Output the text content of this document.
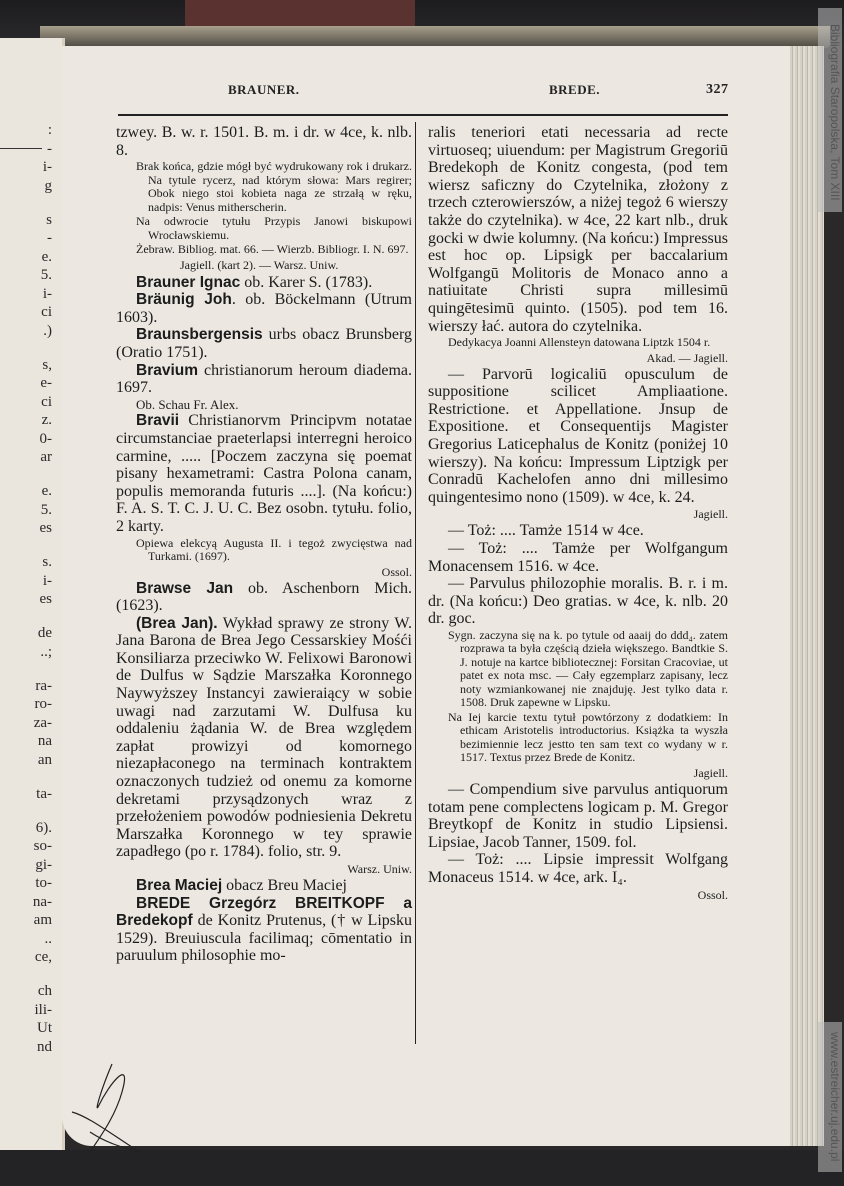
:
-
i-
g
s
-
e.
5.
i-
ci
.)
s,
e-
ci
z.
0-
ar
e.
5.
es
s.
i-
es
de
..;
ra-
ro-
za-
na
an
ta-
6).
so-
gi-
to-
na-
am
..
ce,
ch
ili-
Ut
nd
Bibliografia Staropolska, Tom XIII
www.estreicher.uj.edu.pl
BRAUNER.	BREDE.	327

tzwey. B. w. r. 1501. B. m. i dr. w 4ce, k. nlb. 8.

Brak końca, gdzie mógł być wydrukowany rok i drukarz. Na tytule rycerz, nad którym słowa: Mars regirer; Obok niego stoi kobieta naga ze strzałą w ręku, nadpis: Venus mitherscherin.

Na odwrocie tytułu Przypis Janowi biskupowi Wrocławskiemu.

Żebraw. Bibliog. mat. 66. — Wierzb. Bibliogr. I. N. 697.

Jagiell. (kart 2). — Warsz. Uniw.

Brauner Ignac ob. Karer S. (1783).

Bräunig Joh. ob. Böckelmann (Utrum 1603).

Braunsbergensis urbs obacz Brunsberg (Oratio 1751).

Bravium christianorum heroum diadema. 1697.

Ob. Schau Fr. Alex.

Bravii Christianorvm Principvm notatae circumstanciae praeterlapsi interregni heroico carmine, ..... [Poczem zaczyna się poemat pisany hexametrami: Castra Polona canam, populis memoranda futuris ....]. (Na końcu:) F. A. S. T. C. J. U. C. Bez osobn. tytułu. folio, 2 karty.

Opiewa elekcyą Augusta II. i tegoż zwycięstwa nad Turkami. (1697).

Ossol.

Brawse Jan ob. Aschenborn Mich. (1623).

(Brea Jan). Wykład sprawy ze strony W. Jana Barona de Brea Jego Cessarskiey Mośći Konsiliarza przeciwko W. Felixowi Baronowi de Dulfus w Sądzie Marszałka Koronnego Naywyższey Instancyi zawieraiący w sobie uwagi nad zarzutami W. Dulfusa ku oddaleniu żądania W. de Brea względem zapłat prowizyi od komornego niezapłaconego na terminach kontraktem oznaczonych tudzież od onemu za komorne dekretami przysądzonych wraz z przełożeniem powodów podniesienia Dekretu Marszałka Koronnego w tey sprawie zapadłego (po r. 1784). folio, str. 9.

Warsz. Uniw.

Brea Maciej obacz Breu Maciej

BREDE Grzegórz BREITKOPF a Bredekopf de Konitz Prutenus, († w Lipsku 1529). Breuiuscula facilimaq; cōmentatio in paruulum philosophie mo-

ralis teneriori etati necessaria ad recte virtuoseq; uiuendum: per Magistrum Gregoriū Bredekoph de Konitz congesta, (pod tem wiersz saficzny do Czytelnika, złożony z trzech czterowierszów, a niżej tegoż 6 wierszy także do czytelnika). w 4ce, 22 kart nlb., druk gocki w dwie kolumny. (Na końcu:) Impressus est hoc op. Lipsigk per baccalarium Wolfgangū Molitoris de Monaco anno a natiuitate Christi supra millesimū quingētesimū quinto. (1505). pod tem 16. wierszy łać. autora do czytelnika.

Dedykacya Joanni Allensteyn datowana Liptzk 1504 r.

Akad. — Jagiell.

— Parvorū logicaliū opusculum de suppositione scilicet Ampliaatione. Restrictione. et Appellatione. Jnsup de Expositione. et Consequentijs Magister Gregorius Laticephalus de Konitz (poniżej 10 wierszy). Na końcu: Impressum Liptzigk per Conradū Kachelofen anno dni millesimo quingentesimo nono (1509). w 4ce, k. 24.

Jagiell.

— Toż: .... Tamże 1514 w 4ce.

— Toż: .... Tamże per Wolfgangum Monacensem 1516. w 4ce.

— Parvulus philozophie moralis. B. r. i m. dr. (Na końcu:) Deo gratias. w 4ce, k. nlb. 20 dr. goc.

Sygn. zaczyna się na k. po tytule od aaaij do ddd₄. zatem rozprawa ta była częścią dzieła większego. Bandtkie S. J. notuje na kartce bibliotecznej: Forsitan Cracoviae, ut patet ex nota msc. — Cały egzemplarz zapisany, lecz noty wzmiankowanej nie znajduję. Jest tylko data r. 1508. Druk zapewne w Lipsku.

Na Iej karcie textu tytuł powtórzony z dodatkiem: In ethicam Aristotelis introductorius. Książka ta wyszła bezimiennie lecz jestto ten sam text co wydany w r. 1517. Textus przez Brede de Konitz.

Jagiell.

— Compendium sive parvulus antiquorum totam pene complectens logicam p. M. Gregor Breytkopf de Konitz in studio Lipsiensi. Lipsiae, Jacob Tanner, 1509. fol.

— Toż: .... Lipsie impressit Wolfgang Monaceus 1514. w 4ce, ark. I₄.

Ossol.
